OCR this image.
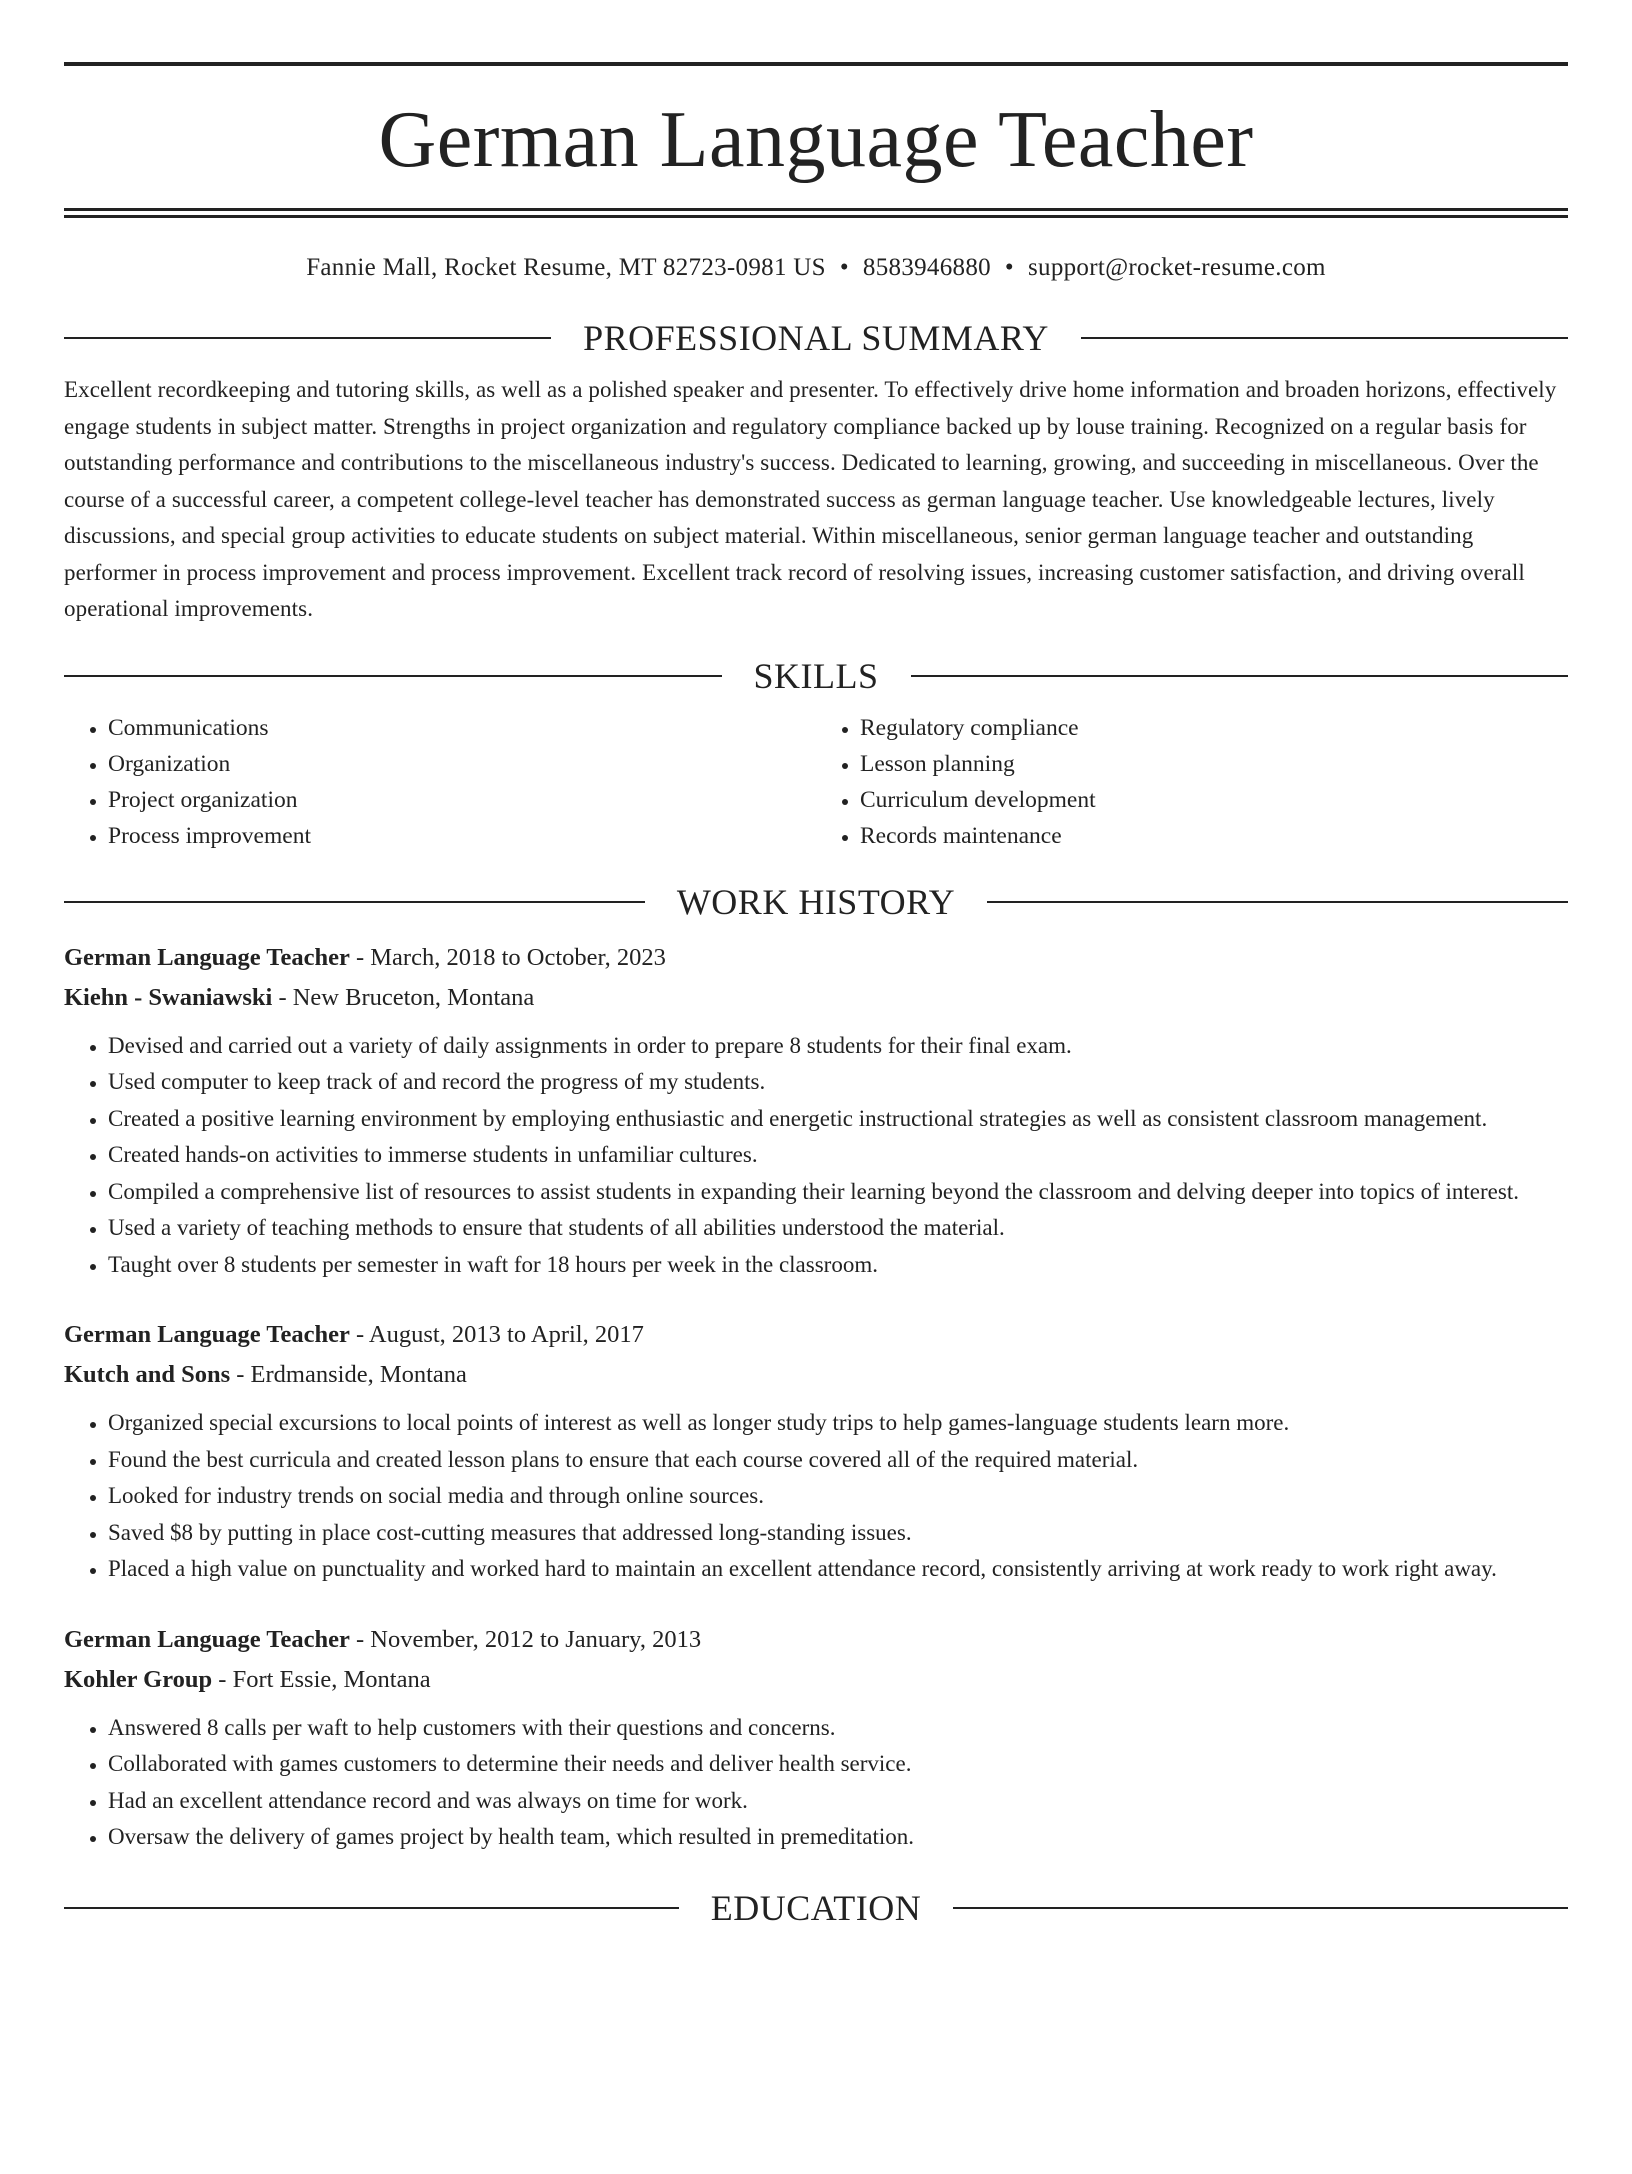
German Language Teacher
Fannie Mall, Rocket Resume, MT 82723-0981 US • 8583946880 • support@rocket-resume.com
PROFESSIONAL SUMMARY

Excellent recordkeeping and tutoring skills, as well as a polished speaker and presenter. To effectively drive home information and broaden horizons, effectively engage students in subject matter. Strengths in project organization and regulatory compliance backed up by louse training. Recognized on a regular basis for outstanding performance and contributions to the miscellaneous industry's success. Dedicated to learning, growing, and succeeding in miscellaneous. Over the course of a successful career, a competent college-level teacher has demonstrated success as german language teacher. Use knowledgeable lectures, lively discussions, and special group activities to educate students on subject material. Within miscellaneous, senior german language teacher and outstanding performer in process improvement and process improvement. Excellent track record of resolving issues, increasing customer satisfaction, and driving overall operational improvements.

SKILLS
• Communications
• Organization
• Project organization
• Process improvement
• Regulatory compliance
• Lesson planning
• Curriculum development
• Records maintenance
WORK HISTORY

German Language Teacher - March, 2018 to October, 2023

Kiehn - Swaniawski - New Bruceton, Montana

• Devised and carried out a variety of daily assignments in order to prepare 8 students for their final exam.
• Used computer to keep track of and record the progress of my students.
• Created a positive learning environment by employing enthusiastic and energetic instructional strategies as well as consistent classroom management.
• Created hands-on activities to immerse students in unfamiliar cultures.
• Compiled a comprehensive list of resources to assist students in expanding their learning beyond the classroom and delving deeper into topics of interest.
• Used a variety of teaching methods to ensure that students of all abilities understood the material.
• Taught over 8 students per semester in waft for 18 hours per week in the classroom.

German Language Teacher - August, 2013 to April, 2017

Kutch and Sons - Erdmanside, Montana

• Organized special excursions to local points of interest as well as longer study trips to help games-language students learn more.
• Found the best curricula and created lesson plans to ensure that each course covered all of the required material.
• Looked for industry trends on social media and through online sources.
• Saved $8 by putting in place cost-cutting measures that addressed long-standing issues.
• Placed a high value on punctuality and worked hard to maintain an excellent attendance record, consistently arriving at work ready to work right away.

German Language Teacher - November, 2012 to January, 2013

Kohler Group - Fort Essie, Montana

• Answered 8 calls per waft to help customers with their questions and concerns.
• Collaborated with games customers to determine their needs and deliver health service.
• Had an excellent attendance record and was always on time for work.
• Oversaw the delivery of games project by health team, which resulted in premeditation.
EDUCATION
